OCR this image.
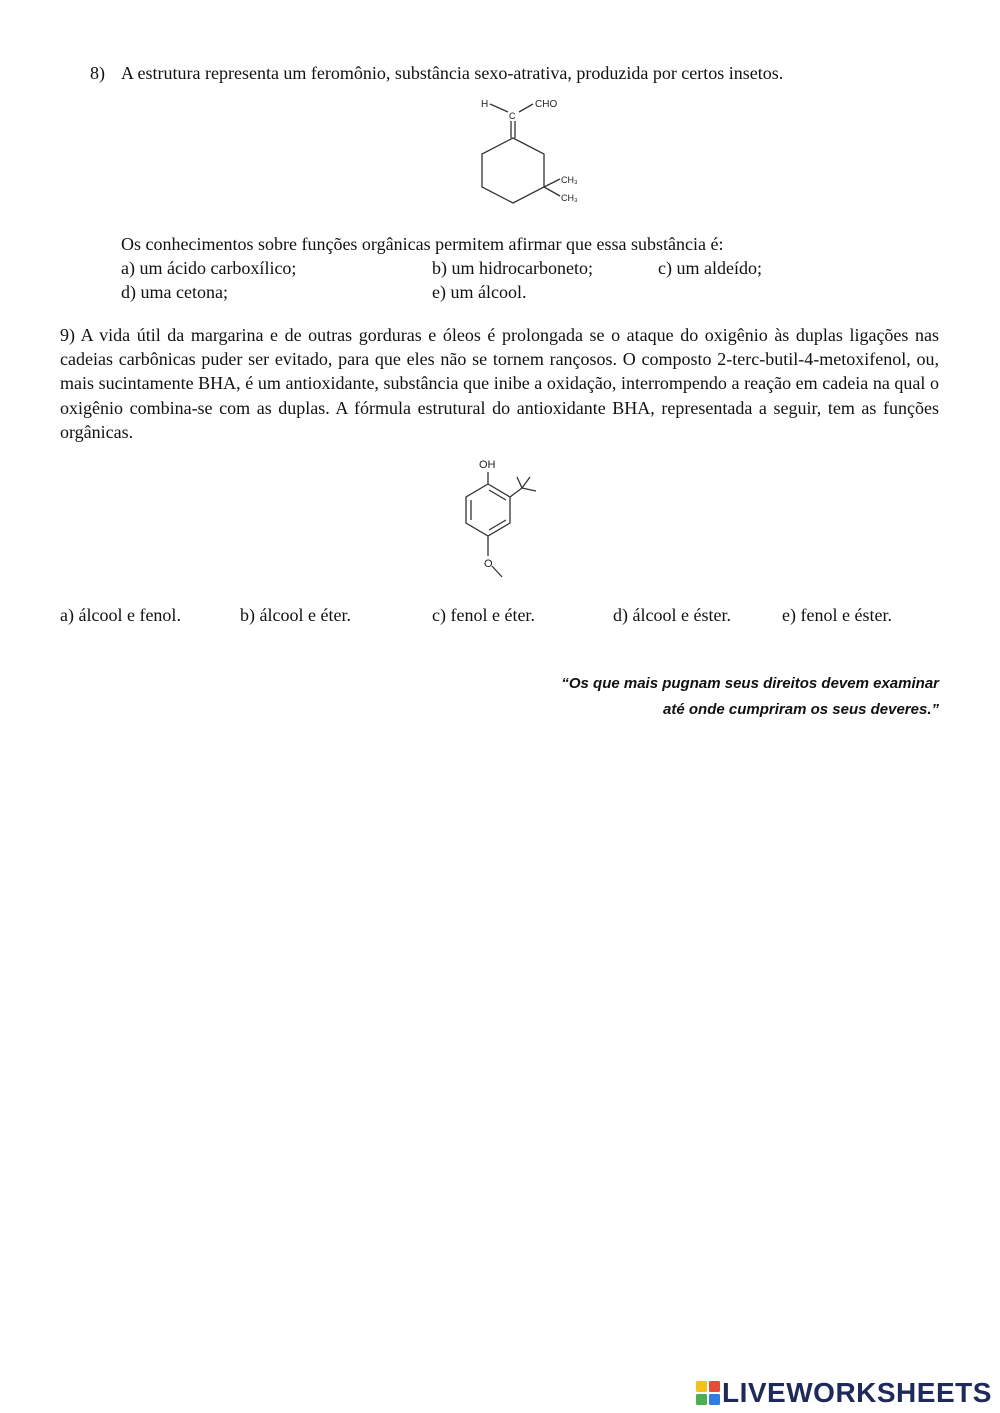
8) A estrutura representa um feromônio, substância sexo-atrativa, produzida por certos insetos.
H
C
CHO
CH₃
CH₃
Os conhecimentos sobre funções orgânicas permitem afirmar que essa substância é:
a) um ácido carboxílico;	b) um hidrocarboneto;	c) um aldeído;
d) uma cetona;	e) um álcool.
9) A vida útil da margarina e de outras gorduras e óleos é prolongada se o ataque do oxigênio às duplas ligações nas cadeias carbônicas puder ser evitado, para que eles não se tornem rançosos. O composto 2-terc-butil-4-metoxifenol, ou, mais sucintamente BHA, é um antioxidante, substância que inibe a oxidação, interrompendo a reação em cadeia na qual o oxigênio combina-se com as duplas. A fórmula estrutural do antioxidante BHA, representada a seguir, tem as funções orgânicas.
OH
O
a) álcool e fenol.	b) álcool e éter.	c) fenol e éter.	d) álcool e éster.	e) fenol e éster.
“Os que mais pugnam seus direitos devem examinar
até onde cumpriram os seus deveres.”
LIVEWORKSHEETS
